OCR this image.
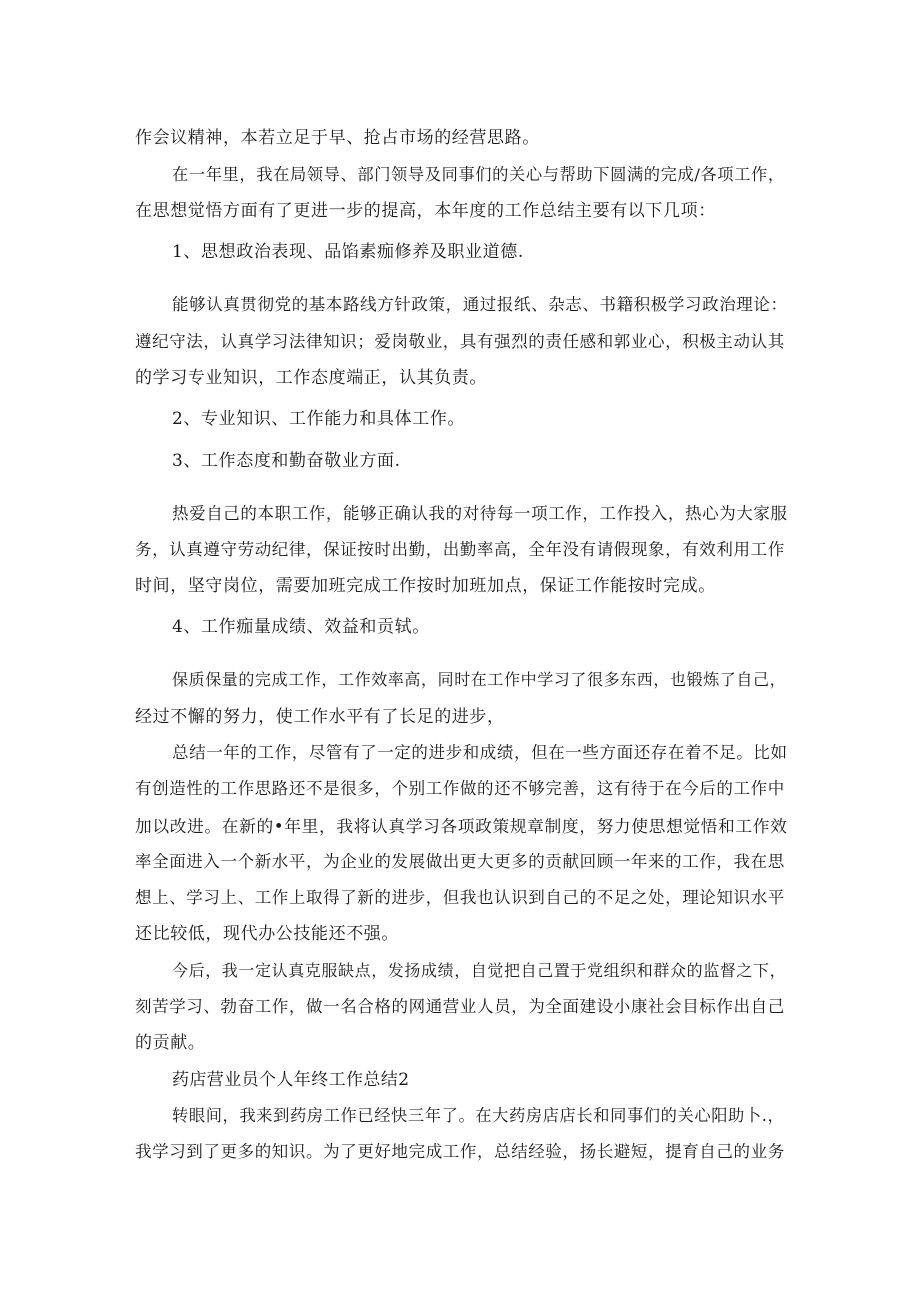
作会议精神，本若立足于早、抢占市场的经营思路。
在一年里，我在局领导、部门领导及同事们的关心与帮助下圆满的完成/各项工作，
在思想觉悟方面有了更进一步的提高，本年度的工作总结主要有以下几项：
1、思想政治表现、品馅素痂修养及职业道德.
能够认真贯彻党的基本路线方针政策，通过报纸、杂志、书籍积极学习政治理论：
遵纪守法，认真学习法律知识；爱岗敬业，具有强烈的责任感和郭业心，积极主动认其
的学习专业知识，工作态度端正，认其负责。
2、专业知识、工作能力和具体工作。
3、工作态度和勤奋敬业方面.
热爱自己的本职工作，能够正确认我的对待每一项工作，工作投入，热心为大家服
务，认真遵守劳动纪律，保证按时出勤，出勤率高，全年没有请假现象，有效利用工作
时间，坚守岗位，需要加班完成工作按时加班加点，保证工作能按时完成。
4、工作痂量成绩、效益和贡轼。
保质保量的完成工作，工作效率高，同时在工作中学习了很多东西，也锻炼了自己，
经过不懈的努力，使工作水平有了长足的进步，
总结一年的工作，尽管有了一定的进步和成绩，但在一些方面还存在着不足。比如
有创造性的工作思路还不是很多，个别工作做的还不够完善，这有待于在今后的工作中
加以改进。在新的•年里，我将认真学习各项政策规章制度，努力使思想觉悟和工作效
率全面进入一个新水平，为企业的发展做出更大更多的贡献回顾一年来的工作，我在思
想上、学习上、工作上取得了新的进步，但我也认识到自己的不足之处，理论知识水平
还比较低，现代办公技能还不强。
今后，我一定认真克服缺点，发扬成绩，自觉把自己置于党组织和群众的监督之下，
刻苦学习、勃奋工作，做一名合格的网通营业人员，为全面建设小康社会目标作出自己
的贡献。
药店营业员个人年终工作总结2
转眼间，我来到药房工作已经快三年了。在大药房店店长和同事们的关心阳助卜.，
我学习到了更多的知识。为了更好地完成工作，总结经验，扬长避短，提育自己的业务
